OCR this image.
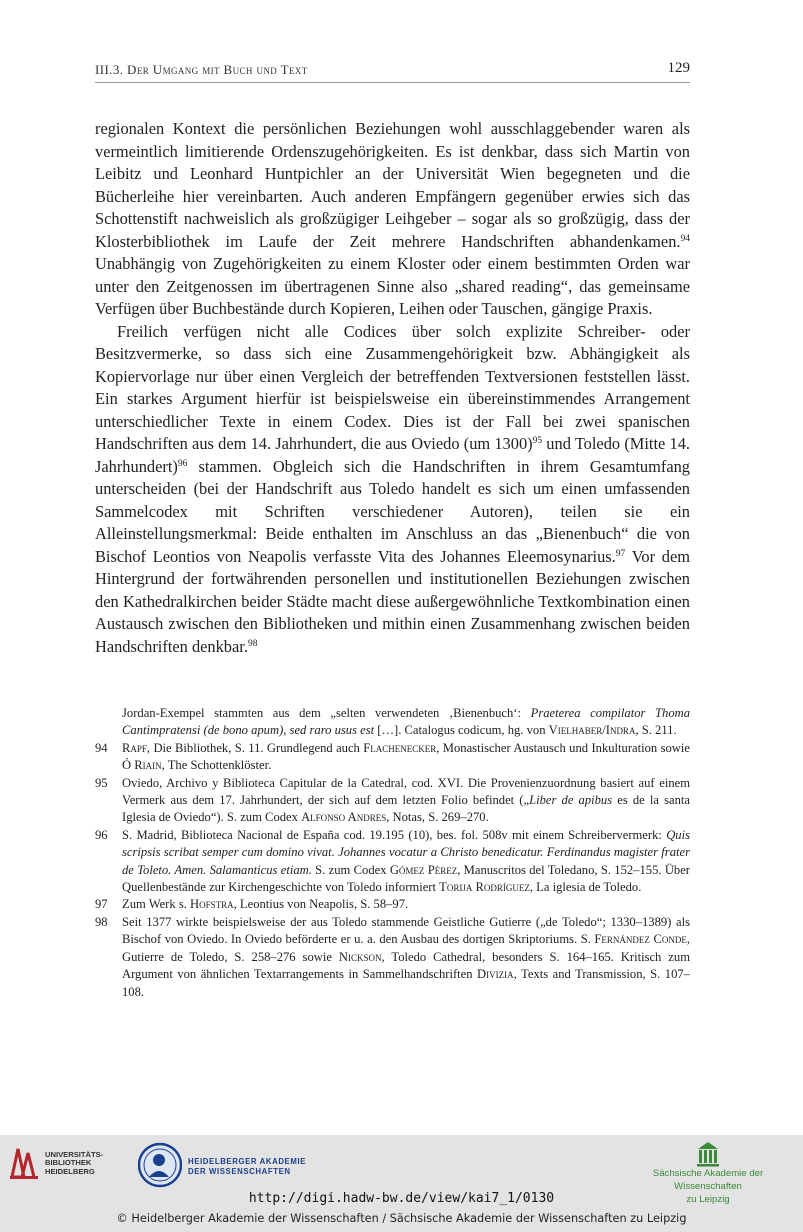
III.3. Der Umgang mit Buch und Text	129

regionalen Kontext die persönlichen Beziehungen wohl ausschlaggebender waren als vermeintlich limitierende Ordenszugehörigkeiten. Es ist denkbar, dass sich Martin von Leibitz und Leonhard Huntpichler an der Universität Wien begegneten und die Bücherleihe hier vereinbarten. Auch anderen Empfängern gegenüber erwies sich das Schottenstift nachweislich als großzügiger Leihgeber – sogar als so großzügig, dass der Klosterbibliothek im Laufe der Zeit mehrere Handschriften abhandenkamen.$^{94}$ Unabhängig von Zugehörigkeiten zu einem Kloster oder einem bestimmten Orden war unter den Zeitgenossen im übertragenen Sinne also „shared reading“, das gemeinsame Verfügen über Buchbestände durch Kopieren, Leihen oder Tauschen, gängige Praxis.

Freilich verfügen nicht alle Codices über solch explizite Schreiber- oder Besitzvermerke, so dass sich eine Zusammengehörigkeit bzw. Abhängigkeit als Kopiervorlage nur über einen Vergleich der betreffenden Textversionen feststellen lässt. Ein starkes Argument hierfür ist beispielsweise ein übereinstimmendes Arrangement unterschiedlicher Texte in einem Codex. Dies ist der Fall bei zwei spanischen Handschriften aus dem 14. Jahrhundert, die aus Oviedo (um 1300)$^{95}$ und Toledo (Mitte 14. Jahrhundert)$^{96}$ stammen. Obgleich sich die Handschriften in ihrem Gesamtumfang unterscheiden (bei der Handschrift aus Toledo handelt es sich um einen umfassenden Sammelcodex mit Schriften verschiedener Autoren), teilen sie ein Alleinstellungsmerkmal: Beide enthalten im Anschluss an das „Bienenbuch“ die von Bischof Leontios von Neapolis verfasste Vita des Johannes Eleemosynarius.$^{97}$ Vor dem Hintergrund der fortwährenden personellen und institutionellen Beziehungen zwischen den Kathedralkirchen beider Städte macht diese außergewöhnliche Textkombination einen Austausch zwischen den Bibliotheken und mithin einen Zusammenhang zwischen beiden Handschriften denkbar.$^{98}$

Jordan-Exempel stammten aus dem „selten verwendeten ‚Bienenbuch‘: Praeterea compilator Thoma Cantimpratensi (de bono apum), sed raro usus est […]. Catalogus codicum, hg. von Vielhaber/Indra, S. 211.
94 Rapf, Die Bibliothek, S. 11. Grundlegend auch Flachenecker, Monastischer Austausch und Inkulturation sowie Ó Riain, The Schottenklöster.
95 Oviedo, Archivo y Biblioteca Capitular de la Catedral, cod. XVI. Die Provenienzuordnung basiert auf einem Vermerk aus dem 17. Jahrhundert, der sich auf dem letzten Folio befindet („Liber de apibus es de la santa Iglesia de Oviedo“). S. zum Codex Alfonso Andres, Notas, S. 269–270.
96 S. Madrid, Biblioteca Nacional de España cod. 19.195 (10), bes. fol. 508v mit einem Schreibervermerk: Quis scripsis scribat semper cum domino vivat. Johannes vocatur a Christo benedicatur. Ferdinandus magister frater de Toleto. Amen. Salamanticus etiam. S. zum Codex Gómez Pérez, Manuscritos del Toledano, S. 152–155. Über Quellenbestände zur Kirchengeschichte von Toledo informiert Torija Rodríguez, La iglesia de Toledo.
97 Zum Werk s. Hofstra, Leontius von Neapolis, S. 58–97.
98 Seit 1377 wirkte beispielsweise der aus Toledo stammende Geistliche Gutierre („de Toledo“; 1330–1389) als Bischof von Oviedo. In Oviedo beförderte er u. a. den Ausbau des dortigen Skriptoriums. S. Fernández Conde, Gutierre de Toledo, S. 258–276 sowie Nickson, Toledo Cathedral, besonders S. 164–165. Kritisch zum Argument von ähnlichen Textarrangements in Sammelhandschriften Divizia, Texts and Transmission, S. 107–108.
UNIVERSITÄTS-
BIBLIOTHEK
HEIDELBERG
HEIDELBERGER AKADEMIE
DER WISSENSCHAFTEN	Sächsische Akademie der Wissenschaften
zu Leipzig
http://digi.hadw-bw.de/view/kai7_1/0130
© Heidelberger Akademie der Wissenschaften / Sächsische Akademie der Wissenschaften zu Leipzig
